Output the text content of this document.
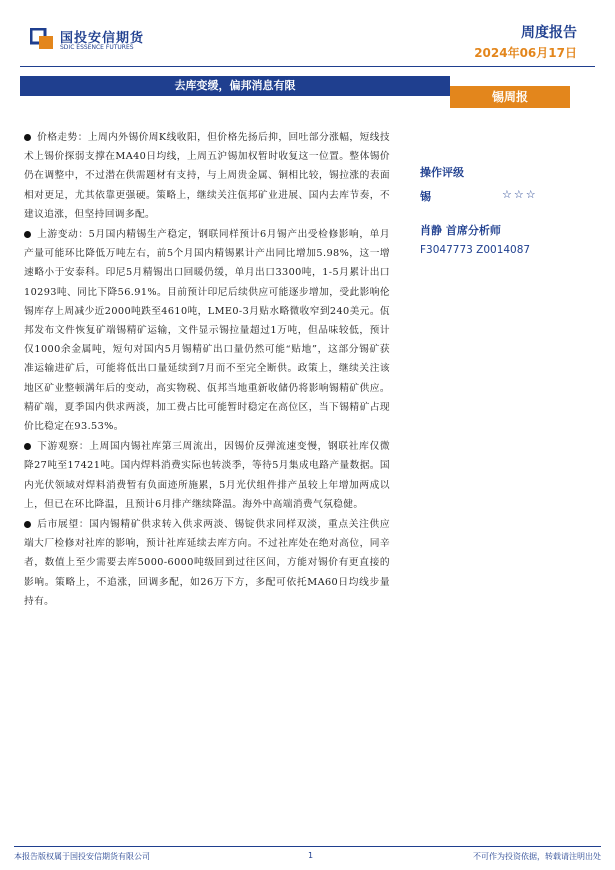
国投安信期货
SDIC ESSENCE FUTURES
周度报告
2024年06月17日
去库变缓，偏邦消息有限
锡周报

价格走势：上周内外锡价周K线收阳，但价格先扬后抑，回吐部分涨幅，短线技术上锡价探弱支撑在MA40日均线，上周五沪锡加权暂时收复这一位置。整体锡价仍在调整中，不过潜在供需题材有支持，与上周贵金属、铜相比较，锡拉涨的表面相对更足，尤其依靠更强硬。策略上，继续关注佤邦矿业进展、国内去库节奏，不建议追涨，但坚持回调多配。

上游变动：5月国内精锡生产稳定，钢联同样预计6月锡产出受检修影响，单月产量可能环比降低万吨左右，前5个月国内精锡累计产出同比增加5.98%，这一增速略小于安泰科。印尼5月精锡出口回暖仍缓，单月出口3300吨，1-5月累计出口10293吨、同比下降56.91%。目前预计印尼后续供应可能逐步增加，受此影响伦锡库存上周减少近2000吨跌至4610吨，LME0-3月贴水略微收窄到240美元。佤邦发布文件恢复矿端锡精矿运输，文件显示锡拉量超过1万吨，但品味较低，预计仅1000余金属吨，短句对国内5月锡精矿出口量仍然可能“贴地”，这部分锡矿获准运输进矿后，可能将低出口量延续到7月而不至完全断供。政策上，继续关注该地区矿业整顿满年后的变动，高实物税、佤邦当地重新收储仍将影响锡精矿供应。精矿端，夏季国内供求两淡，加工费占比可能暂时稳定在高位区，当下锡精矿占现价比稳定在93.53%。

下游观察：上周国内锡社库第三周流出，因锡价反弹流速变慢，钢联社库仅微降27吨至17421吨。国内焊料消费实际也转淡季，等待5月集成电路产量数据。国内光伏领域对焊料消费暂有负面迹所施累，5月光伏组件排产虽较上年增加两成以上，但已在环比降温，且预计6月排产继续降温。海外中高端消费气氛稳健。

后市展望：国内锡精矿供求转入供求两淡、锡锭供求同样双淡，重点关注供应端大厂检修对社库的影响，预计社库延续去库方向。不过社库处在绝对高位，同辛者，数值上至少需要去库5000-6000吨级回到过往区间，方能对锡价有更直接的影响。策略上，不追涨，回调多配，如26万下方，多配可依托MA60日均线步量持有。

操作评级
锡	☆☆☆
肖静 首席分析师
F3047773 Z0014087
本报告版权属于国投安信期货有限公司	1	不可作为投资依据，转载请注明出处
